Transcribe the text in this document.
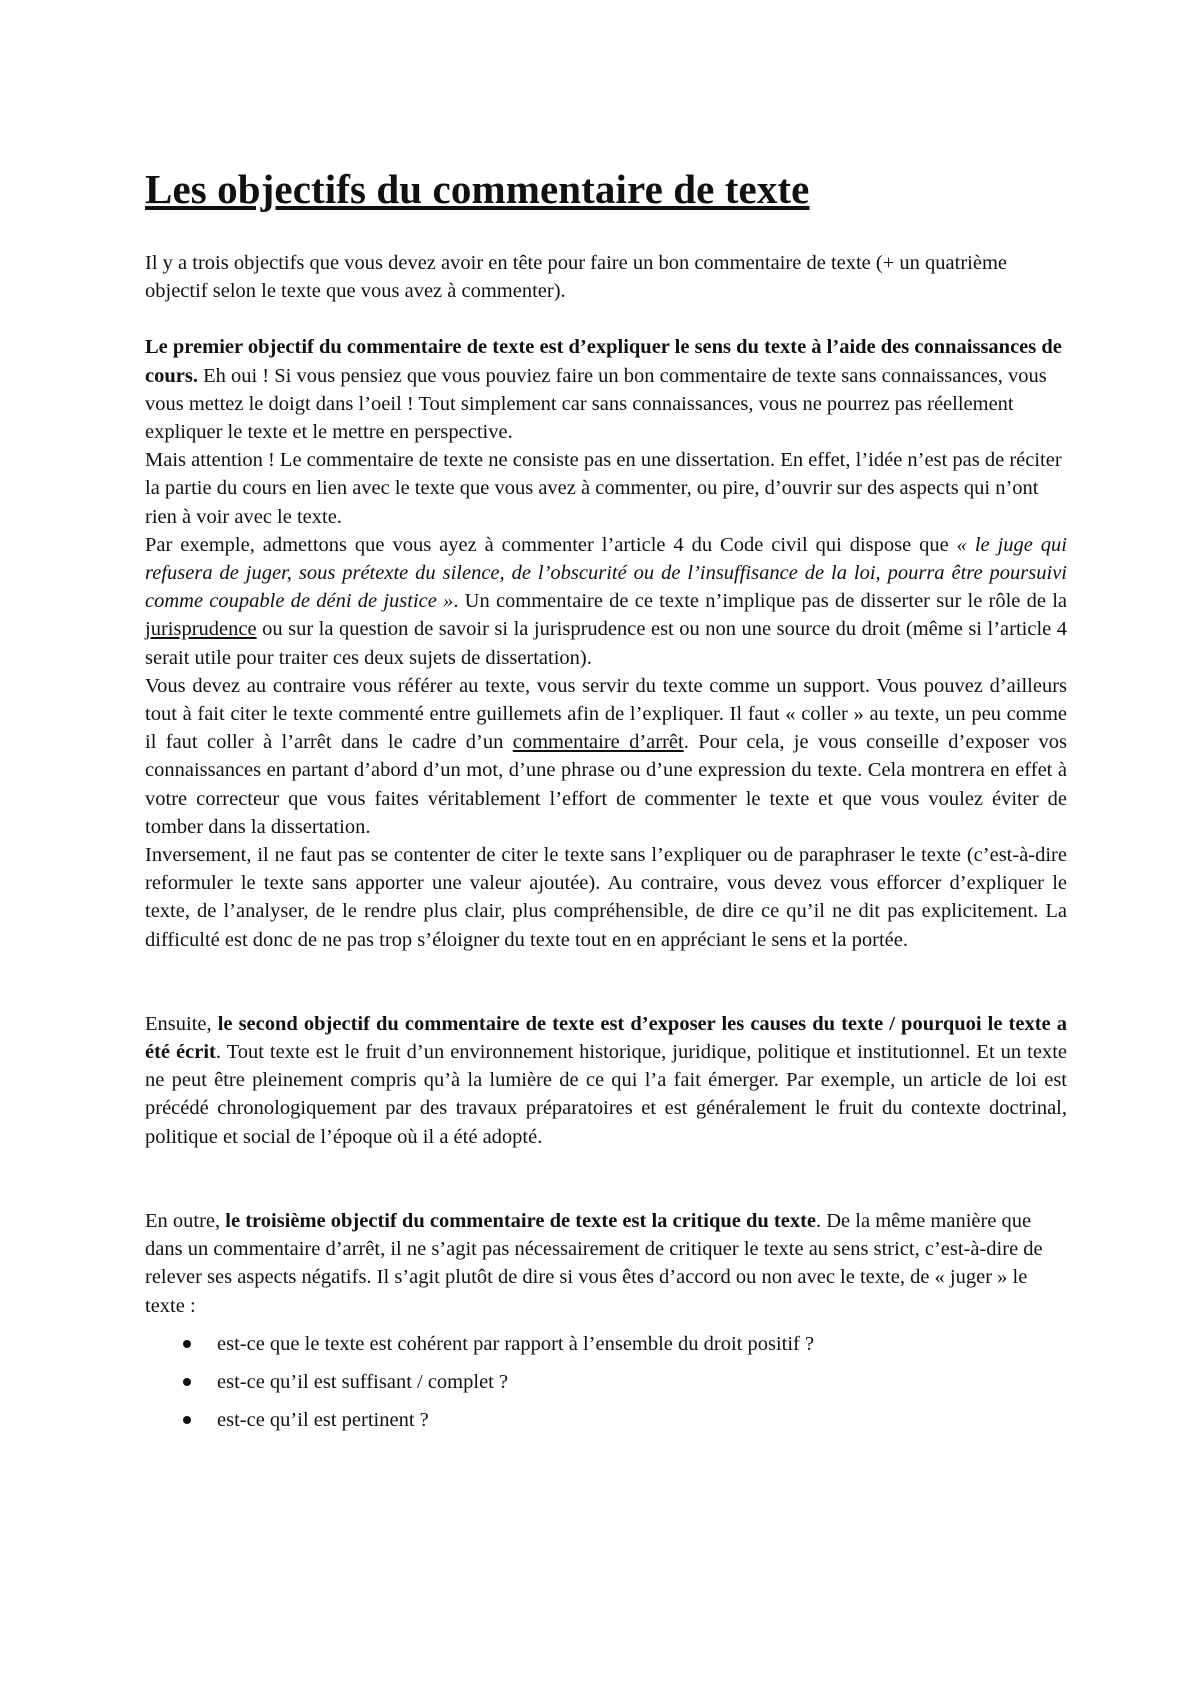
Les objectifs du commentaire de texte

Il y a trois objectifs que vous devez avoir en tête pour faire un bon commentaire de texte (+ un quatrième objectif selon le texte que vous avez à commenter).

Le premier objectif du commentaire de texte est d’expliquer le sens du texte à l’aide des connaissances de cours. Eh oui ! Si vous pensiez que vous pouviez faire un bon commentaire de texte sans connaissances, vous vous mettez le doigt dans l’oeil ! Tout simplement car sans connaissances, vous ne pourrez pas réellement expliquer le texte et le mettre en perspective.

Mais attention ! Le commentaire de texte ne consiste pas en une dissertation. En effet, l’idée n’est pas de réciter la partie du cours en lien avec le texte que vous avez à commenter, ou pire, d’ouvrir sur des aspects qui n’ont rien à voir avec le texte.

Par exemple, admettons que vous ayez à commenter l’article 4 du Code civil qui dispose que « le juge qui refusera de juger, sous prétexte du silence, de l’obscurité ou de l’insuffisance de la loi, pourra être poursuivi comme coupable de déni de justice ». Un commentaire de ce texte n’implique pas de disserter sur le rôle de la jurisprudence ou sur la question de savoir si la jurisprudence est ou non une source du droit (même si l’article 4 serait utile pour traiter ces deux sujets de dissertation).

Vous devez au contraire vous référer au texte, vous servir du texte comme un support. Vous pouvez d’ailleurs tout à fait citer le texte commenté entre guillemets afin de l’expliquer. Il faut « coller » au texte, un peu comme il faut coller à l’arrêt dans le cadre d’un commentaire d’arrêt. Pour cela, je vous conseille d’exposer vos connaissances en partant d’abord d’un mot, d’une phrase ou d’une expression du texte. Cela montrera en effet à votre correcteur que vous faites véritablement l’effort de commenter le texte et que vous voulez éviter de tomber dans la dissertation.

Inversement, il ne faut pas se contenter de citer le texte sans l’expliquer ou de paraphraser le texte (c’est-à-dire reformuler le texte sans apporter une valeur ajoutée). Au contraire, vous devez vous efforcer d’expliquer le texte, de l’analyser, de le rendre plus clair, plus compréhensible, de dire ce qu’il ne dit pas explicitement. La difficulté est donc de ne pas trop s’éloigner du texte tout en en appréciant le sens et la portée.

Ensuite, le second objectif du commentaire de texte est d’exposer les causes du texte / pourquoi le texte a été écrit. Tout texte est le fruit d’un environnement historique, juridique, politique et institutionnel. Et un texte ne peut être pleinement compris qu’à la lumière de ce qui l’a fait émerger. Par exemple, un article de loi est précédé chronologiquement par des travaux préparatoires et est généralement le fruit du contexte doctrinal, politique et social de l’époque où il a été adopté.

En outre, le troisième objectif du commentaire de texte est la critique du texte. De la même manière que dans un commentaire d’arrêt, il ne s’agit pas nécessairement de critiquer le texte au sens strict, c’est-à-dire de relever ses aspects négatifs. Il s’agit plutôt de dire si vous êtes d’accord ou non avec le texte, de « juger » le texte :

est-ce que le texte est cohérent par rapport à l’ensemble du droit positif ?
est-ce qu’il est suffisant / complet ?
est-ce qu’il est pertinent ?
